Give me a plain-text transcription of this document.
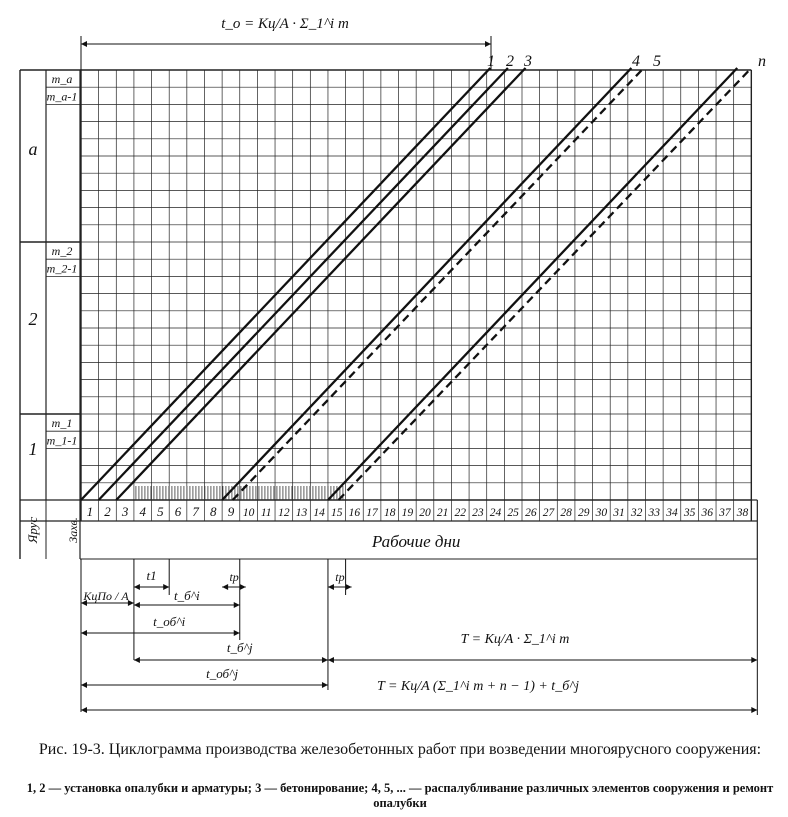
m_a
m_a-1
m_2
m_2-1
m_1
m_1-1
a
2
1
Ярус Захв.
1 2 3 4 5 6 7 8 9 10 11 12 13 14 15 16 17 18 19 20 21 22 23 24 25 26 27 28 29 30 31 32 33 34 35 36 37 38
Рабочие дни
1 2 3	4 5	n
t_o = Кц/A · Σ_1^i m
t1	tp	tp
КцПо / A	t_б^i
t_об^i
t_б^j
t_об^j
T = Кц/A · Σ_1^i m
T = Кц/A (Σ_1^i m + n − 1) + t_б^j
Рис. 19-3. Циклограмма производства железобетонных работ при возведении многоярусного сооружения:
1, 2 — установка опалубки и арматуры; 3 — бетонирование; 4, 5, ... — распалубливание различных элементов сооружения и ремонт опалубки
